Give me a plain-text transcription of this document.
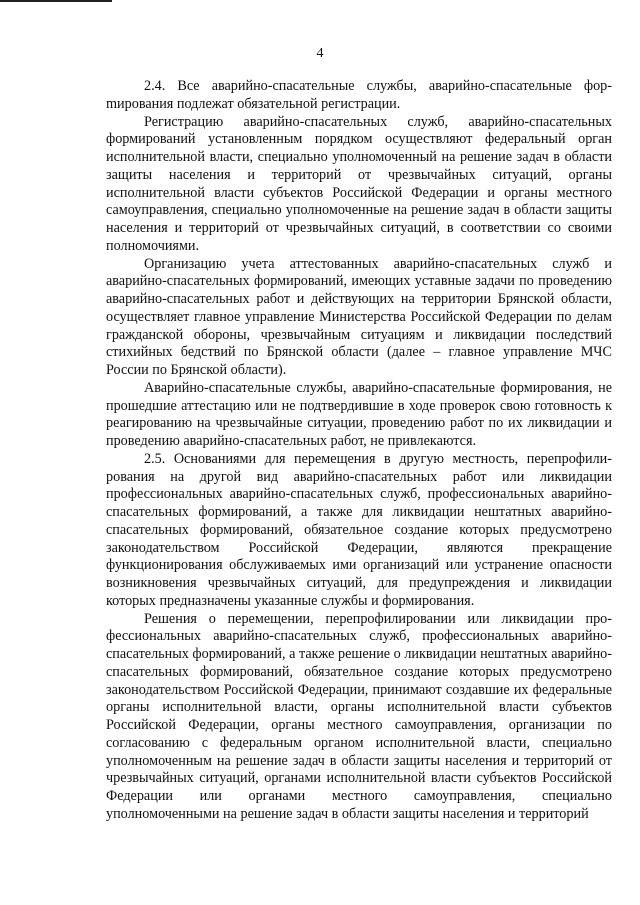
4

2.4. Все аварийно-спасательные службы, аварийно-спасательные форmирования подлежат обязательной регистрации.

Регистрацию аварийно-спасательных служб, аварийно-спасательных формирований установленным порядком осуществляют федеральный орган исполнительной власти, специально уполномоченный на решение задач в области защиты населения и территорий от чрезвычайных ситуаций, органы исполнительной власти субъектов Российской Федерации и органы местного самоуправления, специально уполномоченные на решение задач в области защиты населения и территорий от чрезвычайных ситуаций, в соответствии со своими полномочиями.

Организацию учета аттестованных аварийно-спасательных служб и аварийно-спасательных формирований, имеющих уставные задачи по проведению аварийно-спасательных работ и действующих на территории Брянской области, осуществляет главное управление Министерства Российской Федерации по делам гражданской обороны, чрезвычайным ситуациям и ликвидации последствий стихийных бедствий по Брянской области (далее – главное управление МЧС России по Брянской области).

Аварийно-спасательные службы, аварийно-спасательные формирования, не прошедшие аттестацию или не подтвердившие в ходе проверок свою готовность к реагированию на чрезвычайные ситуации, проведению работ по их ликвидации и проведению аварийно-спасательных работ, не привлекаются.

2.5. Основаниями для перемещения в другую местность, перепрофилирования на другой вид аварийно-спасательных работ или ликвидации профессиональных аварийно-спасательных служб, профессиональных аварийно-спасательных формирований, а также для ликвидации нештатных аварийно-спасательных формирований, обязательное создание которых предусмотрено законодательством Российской Федерации, являются прекращение функционирования обслуживаемых ими организаций или устранение опасности возникновения чрезвычайных ситуаций, для предупреждения и ликвидации которых предназначены указанные службы и формирования.

Решения о перемещении, перепрофилировании или ликвидации профессиональных аварийно-спасательных служб, профессиональных аварийно-спасательных формирований, а также решение о ликвидации нештатных аварийно-спасательных формирований, обязательное создание которых предусмотрено законодательством Российской Федерации, принимают создавшие их федеральные органы исполнительной власти, органы исполнительной власти субъектов Российской Федерации, органы местного самоуправления, организации по согласованию с федеральным органом исполнительной власти, специально уполномоченным на решение задач в области защиты населения и территорий от чрезвычайных ситуаций, органами исполнительной власти субъектов Российской Федерации или органами местного самоуправления, специально уполномоченными на решение задач в области защиты населения и территорий
